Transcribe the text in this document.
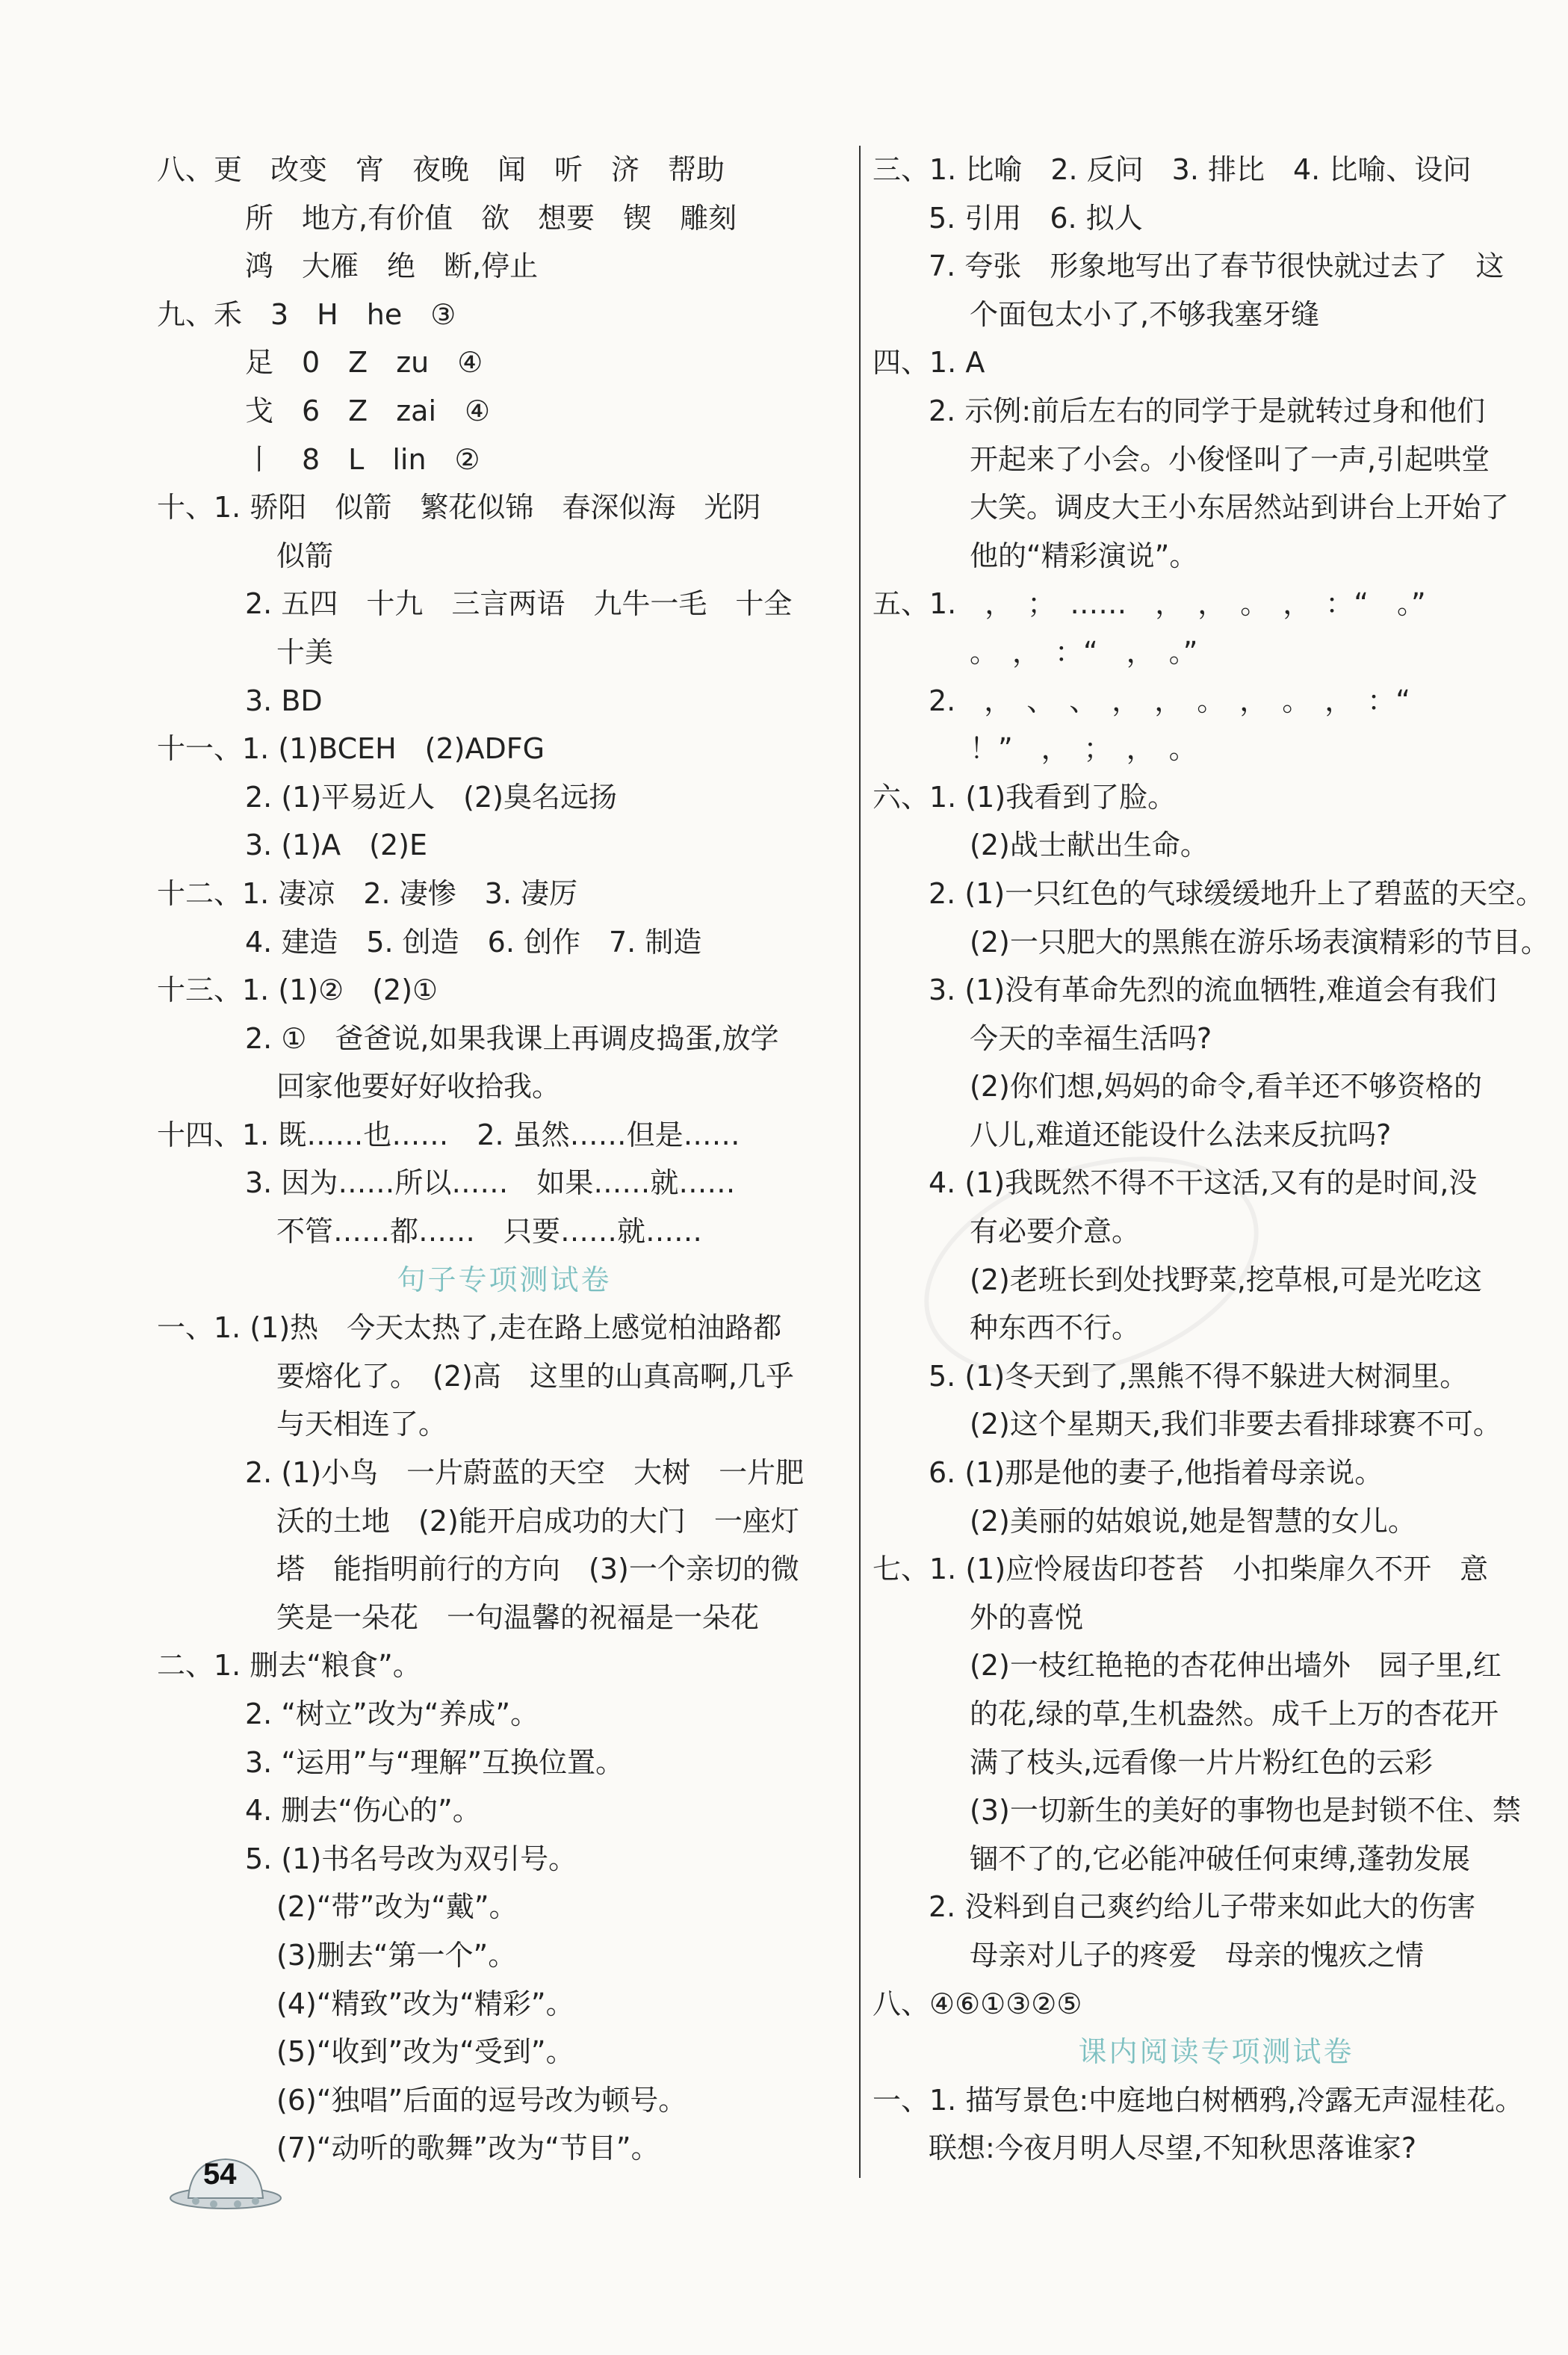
八、更　改变　宵　夜晚　闻　听　济　帮助
所　地方,有价值　欲　想要　锲　雕刻
鸿　大雁　绝　断,停止
九、禾　3　H　he　③
足　0　Z　zu　④
戈　6　Z　zai　④
丨　8　L　lin　②
十、1. 骄阳　似箭　繁花似锦　春深似海　光阴
似箭
2. 五四　十九　三言两语　九牛一毛　十全
十美
3. BD
十一、1. (1)BCEH　(2)ADFG
2. (1)平易近人　(2)臭名远扬
3. (1)A　(2)E
十二、1. 凄凉　2. 凄惨　3. 凄厉
4. 建造　5. 创造　6. 创作　7. 制造
十三、1. (1)②　(2)①
2. ①　爸爸说,如果我课上再调皮捣蛋,放学
回家他要好好收拾我。
十四、1. 既……也……　2. 虽然……但是……
3. 因为……所以……　如果……就……
不管……都……　只要……就……
句子专项测试卷
一、1. (1)热　今天太热了,走在路上感觉柏油路都
要熔化了。　(2)高　这里的山真高啊,几乎
与天相连了。
2. (1)小鸟　一片蔚蓝的天空　大树　一片肥
沃的土地　(2)能开启成功的大门　一座灯
塔　能指明前行的方向　(3)一个亲切的微
笑是一朵花　一句温馨的祝福是一朵花
二、1. 删去“粮食”。
2. “树立”改为“养成”。
3. “运用”与“理解”互换位置。
4. 删去“伤心的”。
5. (1)书名号改为双引号。
(2)“带”改为“戴”。
(3)删去“第一个”。
(4)“精致”改为“精彩”。
(5)“收到”改为“受到”。
(6)“独唱”后面的逗号改为顿号。
(7)“动听的歌舞”改为“节目”。
三、1. 比喻　2. 反问　3. 排比　4. 比喻、设问
5. 引用　6. 拟人
7. 夸张　形象地写出了春节很快就过去了　这
个面包太小了,不够我塞牙缝
四、1. A
2. 示例:前后左右的同学于是就转过身和他们
开起来了小会。小俊怪叫了一声,引起哄堂
大笑。调皮大王小东居然站到讲台上开始了
他的“精彩演说”。
五、1.　，　；　……　，　，　。　，　：“　。”
。　，　：“　，　。”
2.　，　、　、　，　，　。　，　。　，　：“
！”　，　；　，　。
六、1. (1)我看到了脸。
(2)战士献出生命。
2. (1)一只红色的气球缓缓地升上了碧蓝的天空。
(2)一只肥大的黑熊在游乐场表演精彩的节目。
3. (1)没有革命先烈的流血牺牲,难道会有我们
今天的幸福生活吗?
(2)你们想,妈妈的命令,看羊还不够资格的
八儿,难道还能设什么法来反抗吗?
4. (1)我既然不得不干这活,又有的是时间,没
有必要介意。
(2)老班长到处找野菜,挖草根,可是光吃这
种东西不行。
5. (1)冬天到了,黑熊不得不躲进大树洞里。
(2)这个星期天,我们非要去看排球赛不可。
6. (1)那是他的妻子,他指着母亲说。
(2)美丽的姑娘说,她是智慧的女儿。
七、1. (1)应怜屐齿印苍苔　小扣柴扉久不开　意
外的喜悦
(2)一枝红艳艳的杏花伸出墙外　园子里,红
的花,绿的草,生机盎然。成千上万的杏花开
满了枝头,远看像一片片粉红色的云彩
(3)一切新生的美好的事物也是封锁不住、禁
锢不了的,它必能冲破任何束缚,蓬勃发展
2. 没料到自己爽约给儿子带来如此大的伤害
母亲对儿子的疼爱　母亲的愧疚之情
八、④⑥①③②⑤
课内阅读专项测试卷
一、1. 描写景色:中庭地白树栖鸦,冷露无声湿桂花。
联想:今夜月明人尽望,不知秋思落谁家?
54
